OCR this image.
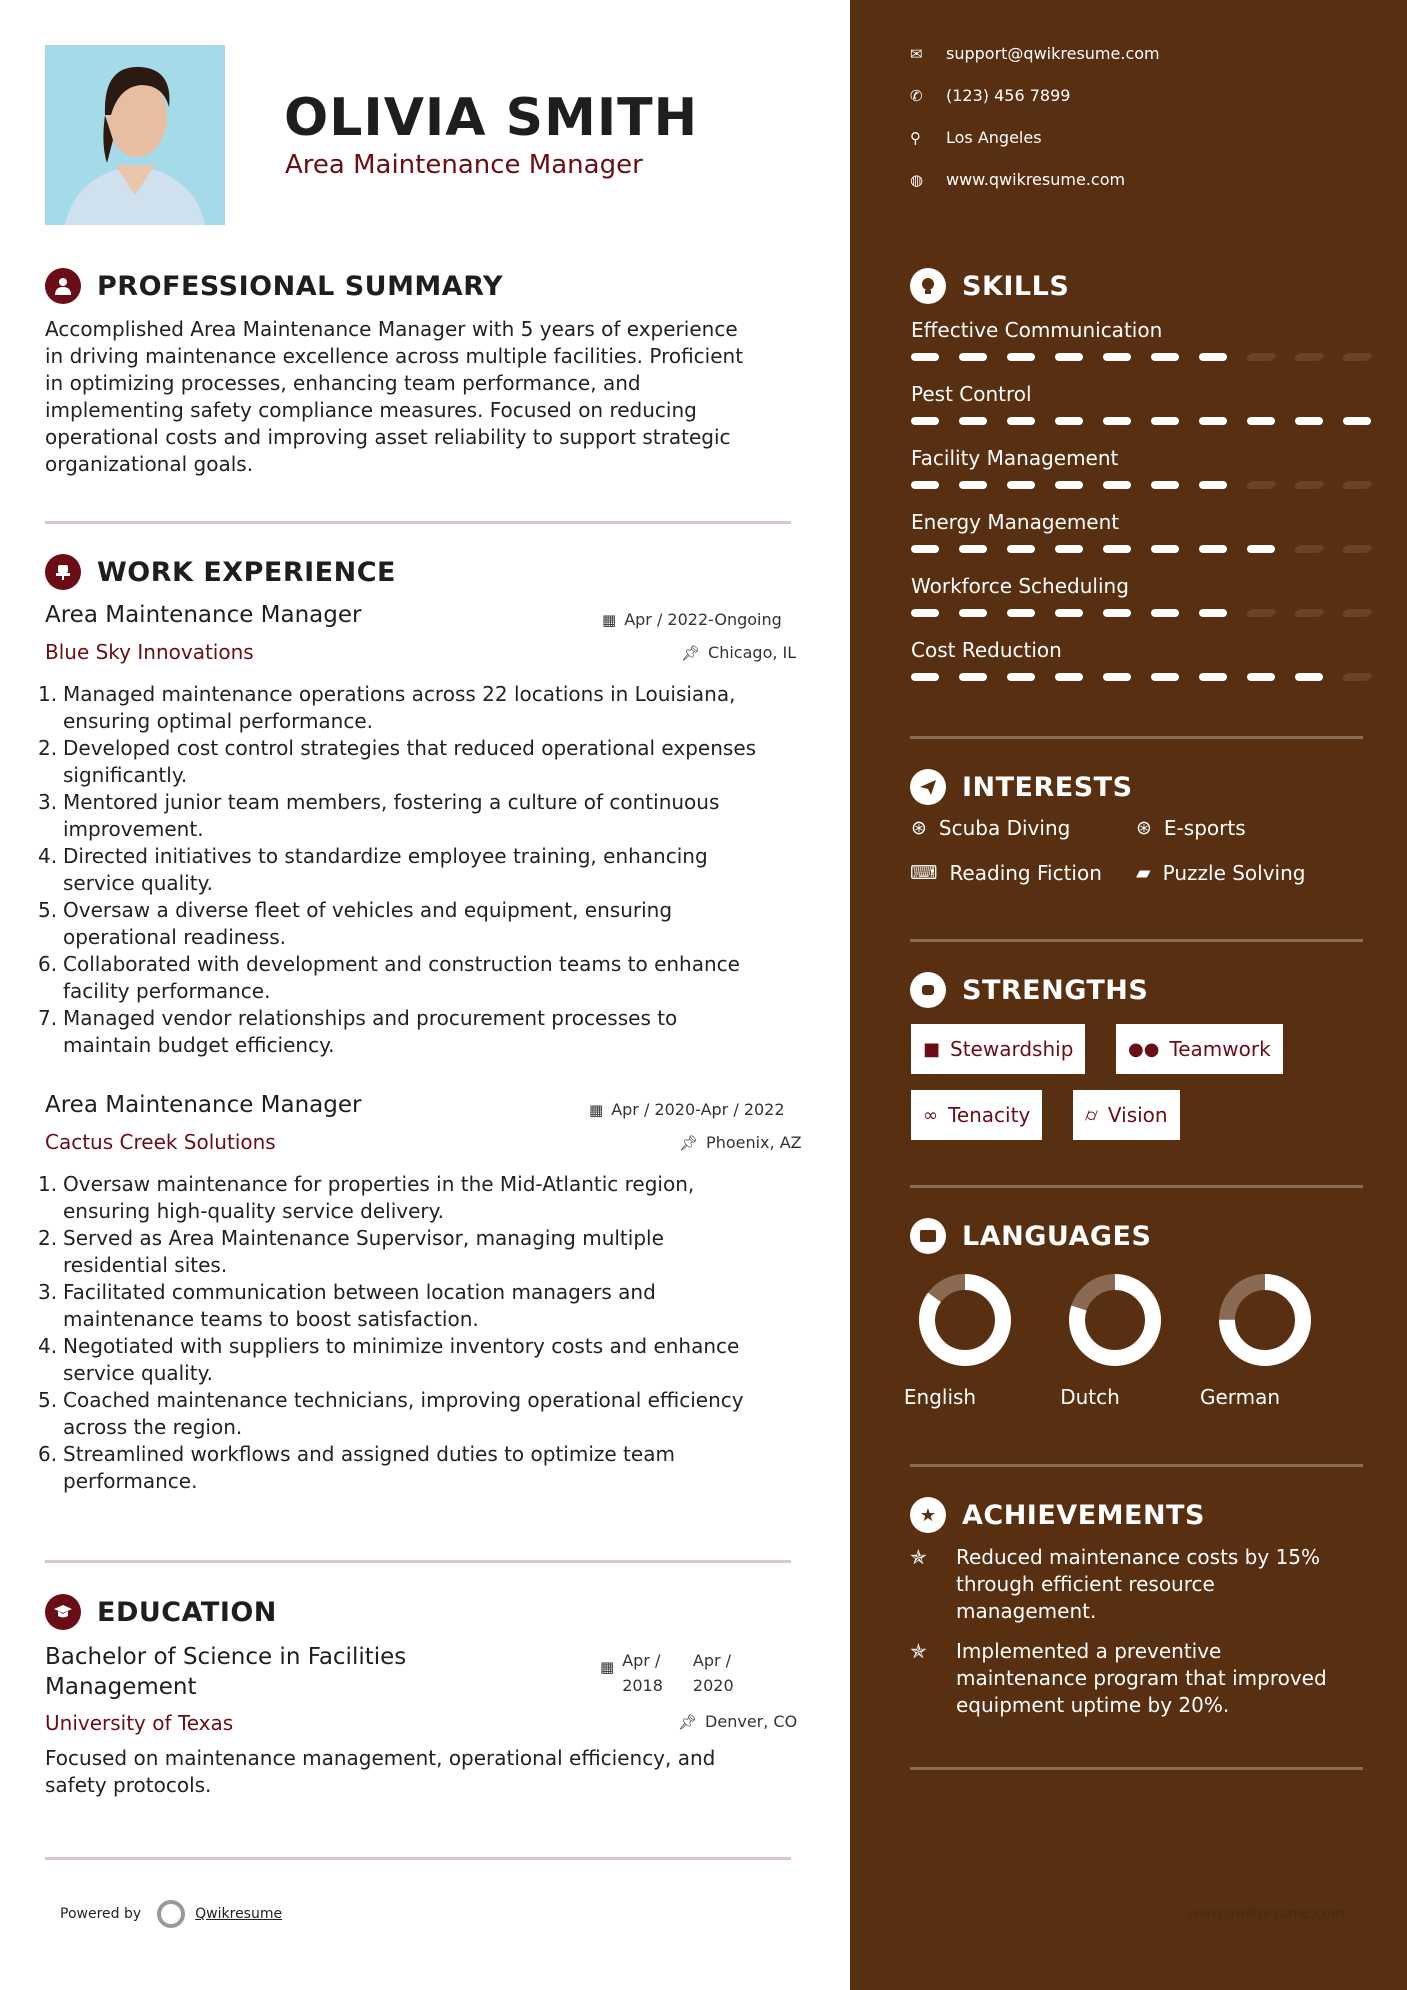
OLIVIA SMITH
Area Maintenance Manager
PROFESSIONAL SUMMARY
Accomplished Area Maintenance Manager with 5 years of experience
in driving maintenance excellence across multiple facilities. Proficient
in optimizing processes, enhancing team performance, and
implementing safety compliance measures. Focused on reducing
operational costs and improving asset reliability to support strategic
organizational goals.
WORK EXPERIENCE
Area Maintenance Manager
Blue Sky Innovations
▦ Apr / 2022-Ongoing
📌︎ Chicago, IL
1. Managed maintenance operations across 22 locations in Louisiana,
ensuring optimal performance.
2. Developed cost control strategies that reduced operational expenses
significantly.
3. Mentored junior team members, fostering a culture of continuous
improvement.
4. Directed initiatives to standardize employee training, enhancing
service quality.
5. Oversaw a diverse fleet of vehicles and equipment, ensuring
operational readiness.
6. Collaborated with development and construction teams to enhance
facility performance.
7. Managed vendor relationships and procurement processes to
maintain budget efficiency.
Area Maintenance Manager
Cactus Creek Solutions
▦ Apr / 2020-Apr / 2022
📌︎ Phoenix, AZ
1. Oversaw maintenance for properties in the Mid-Atlantic region,
ensuring high-quality service delivery.
2. Served as Area Maintenance Supervisor, managing multiple
residential sites.
3. Facilitated communication between location managers and
maintenance teams to boost satisfaction.
4. Negotiated with suppliers to minimize inventory costs and enhance
service quality.
5. Coached maintenance technicians, improving operational efficiency
across the region.
6. Streamlined workflows and assigned duties to optimize team
performance.
EDUCATION
Bachelor of Science in Facilities
Management
University of Texas
▦ Apr /
2018
Apr /
2020
📌︎ Denver, CO
Focused on maintenance management, operational efficiency, and
safety protocols.
Powered by	Qwikresume
✉	support@qwikresume.com
✆	(123) 456 7899
⚲	Los Angeles
◍	www.qwikresume.com
SKILLS
Effective Communication
Pest Control
Facility Management
Energy Management
Workforce Scheduling
Cost Reduction
INTERESTS
⊛ Scuba Diving	⊛ E-sports
⌨ Reading Fiction ▰ Puzzle Solving
STRENGTHS
■ Stewardship	●● Teamwork
∞ Tenacity	⌭ Vision
LANGUAGES
English	Dutch	German
★ ACHIEVEMENTS
✯	Reduced maintenance costs by 15%
through efficient resource
management.
✯	Implemented a preventive
maintenance program that improved
equipment uptime by 20%.
www.qwikresume.com
